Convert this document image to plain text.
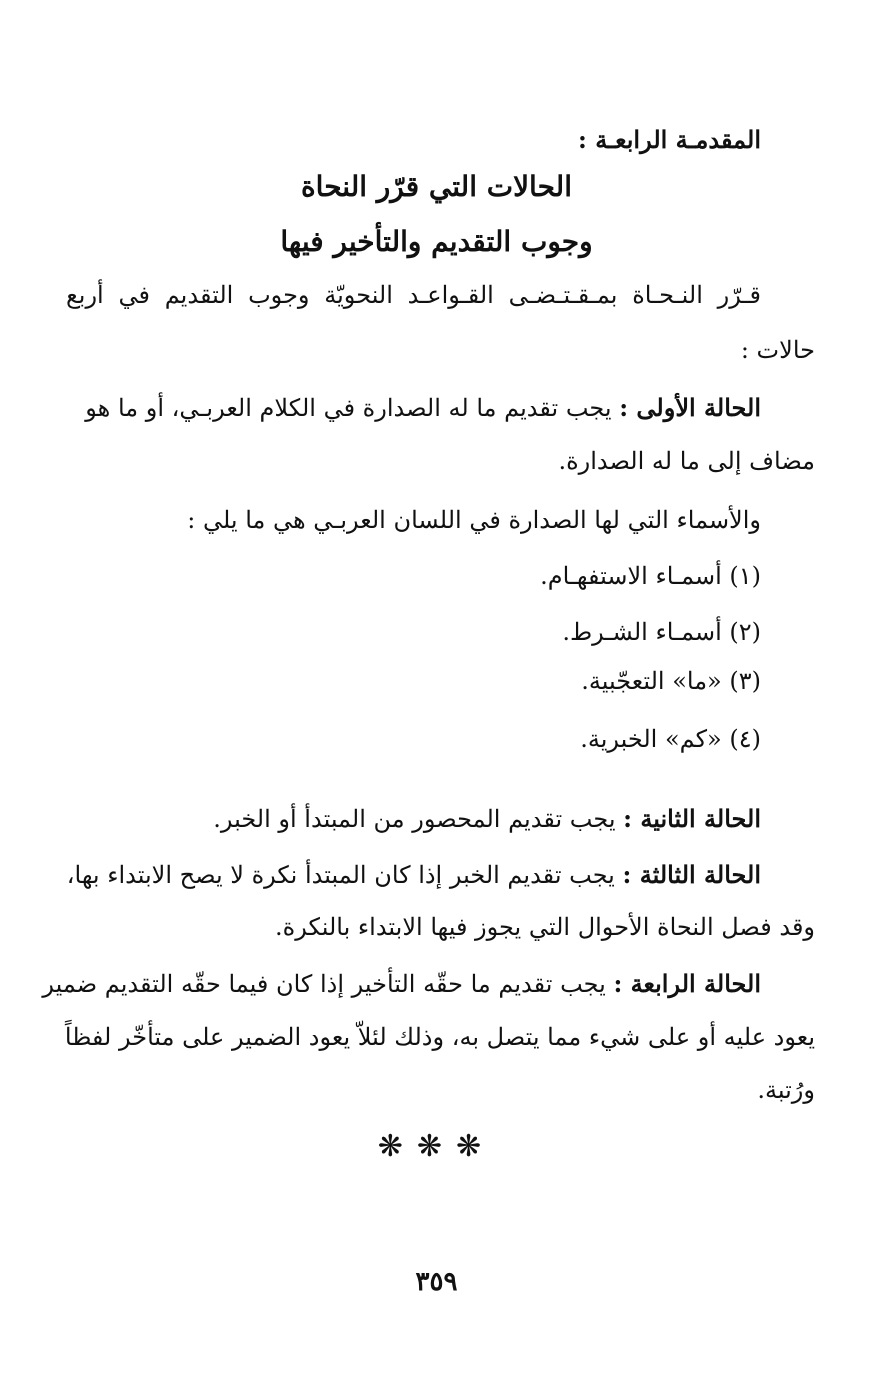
المقدمـة الرابعـة :
الحالات التي قرّر النحاة
وجوب التقديم والتأخير فيها
قـرّر النـحـاة بمـقـتـضـى القـواعـد النحويّة وجوب التقديم في أربع
حالات :
الحالة الأولى : يجب تقديم ما له الصدارة في الكلام العربـي، أو ما هو
مضاف إلى ما له الصدارة.
والأسماء التي لها الصدارة في اللسان العربـي هي ما يلي :
(١) أسمـاء الاستفهـام.
(٢) أسمـاء الشـرط.
(٣) «ما» التعجّبية.
(٤) «كم» الخبرية.
الحالة الثانية : يجب تقديم المحصور من المبتدأ أو الخبر.
الحالة الثالثة : يجب تقديم الخبر إذا كان المبتدأ نكرة لا يصح الابتداء بها،
وقد فصل النحاة الأحوال التي يجوز فيها الابتداء بالنكرة.
الحالة الرابعة : يجب تقديم ما حقّه التأخير إذا كان فيما حقّه التقديم ضمير
يعود عليه أو على شيء مما يتصل به، وذلك لئلاّ يعود الضمير على متأخّر لفظاً
ورُتبة.
❋❋❋
٣٥٩
